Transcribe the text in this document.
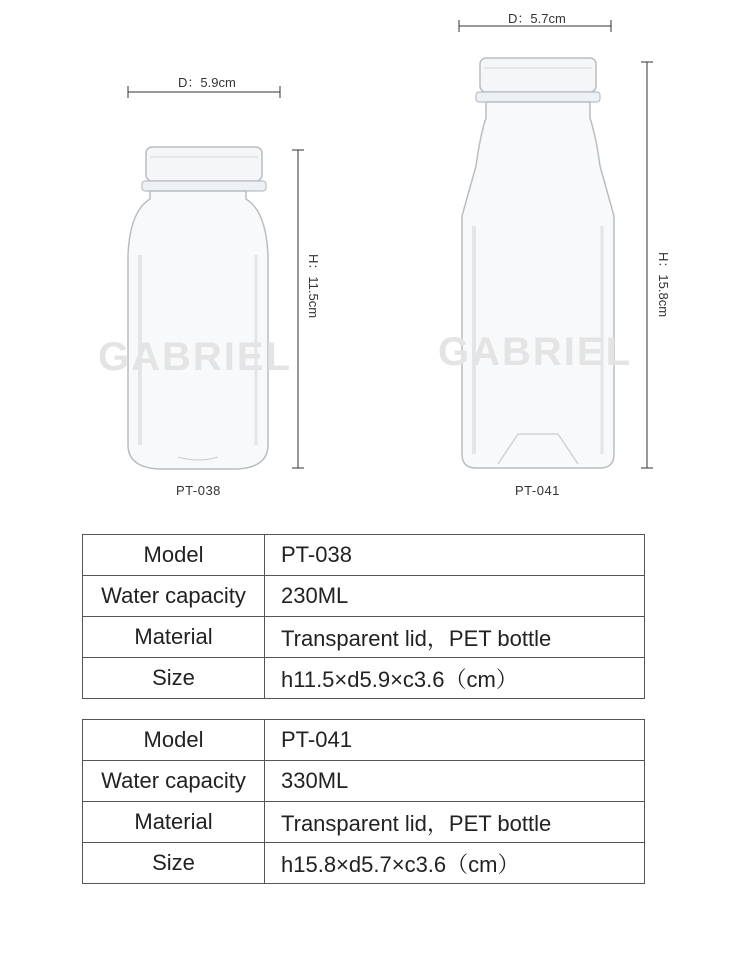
D：5.9cm
GABRIEL
H：11.5cm
PT-038
D：5.7cm
GABRIEL
H：15.8cm
PT-041
Model	PT-038
Water capacity	230ML
Material	Transparent lid，PET bottle
Size	h11.5×d5.9×c3.6（cm）
Model	PT-041
Water capacity	330ML
Material	Transparent lid，PET bottle
Size	h15.8×d5.7×c3.6（cm）
